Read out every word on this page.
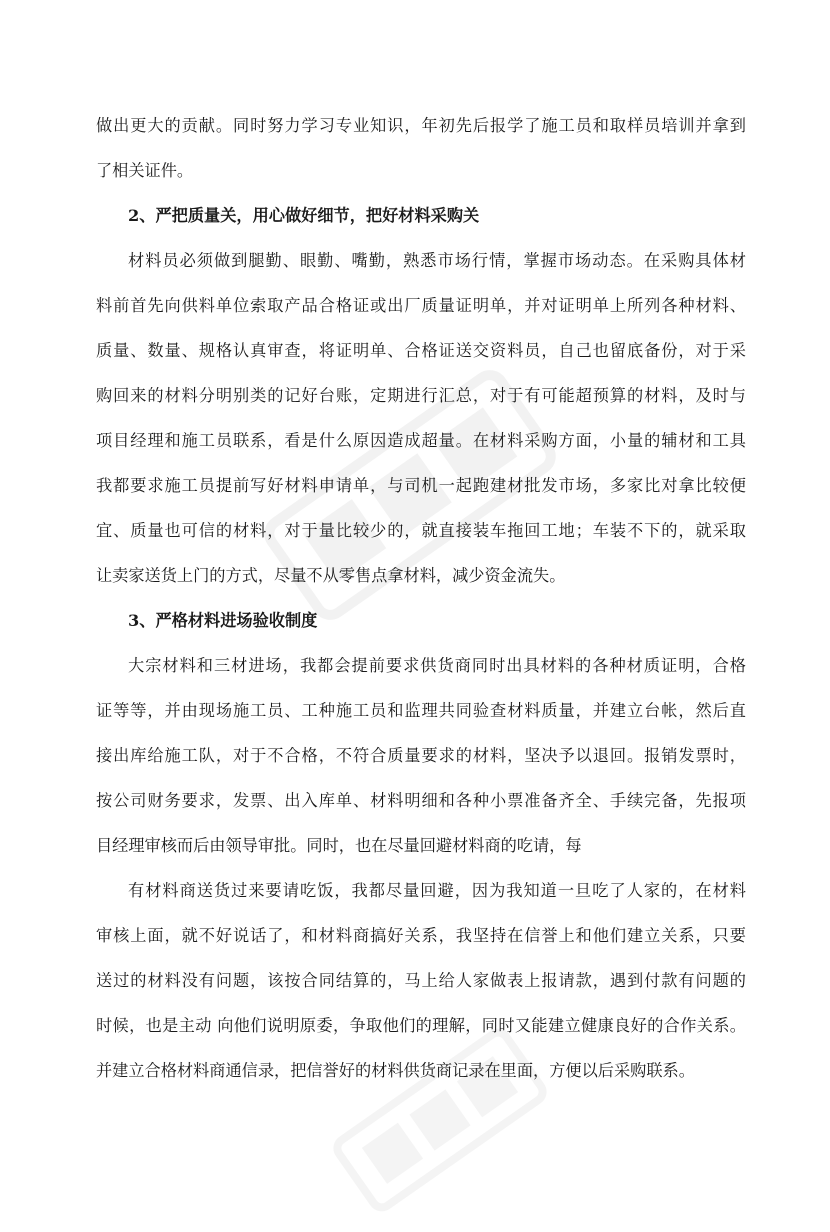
做出更大的贡献。同时努力学习专业知识，年初先后报学了施工员和取样员培训并拿到
了相关证件。
2、严把质量关，用心做好细节，把好材料采购关
材料员必须做到腿勤、眼勤、嘴勤，熟悉市场行情，掌握市场动态。在采购具体材
料前首先向供料单位索取产品合格证或出厂质量证明单，并对证明单上所列各种材料、
质量、数量、规格认真审查，将证明单、合格证送交资料员，自己也留底备份，对于采
购回来的材料分明别类的记好台账，定期进行汇总，对于有可能超预算的材料，及时与
项目经理和施工员联系，看是什么原因造成超量。在材料采购方面，小量的辅材和工具
我都要求施工员提前写好材料申请单，与司机一起跑建材批发市场，多家比对拿比较便
宜、质量也可信的材料，对于量比较少的，就直接装车拖回工地；车装不下的，就采取
让卖家送货上门的方式，尽量不从零售点拿材料，减少资金流失。
3、严格材料进场验收制度
大宗材料和三材进场，我都会提前要求供货商同时出具材料的各种材质证明，合格
证等等，并由现场施工员、工种施工员和监理共同验查材料质量，并建立台帐，然后直
接出库给施工队，对于不合格，不符合质量要求的材料，坚决予以退回。报销发票时，
按公司财务要求，发票、出入库单、材料明细和各种小票准备齐全、手续完备，先报项
目经理审核而后由领导审批。同时，也在尽量回避材料商的吃请，每
有材料商送货过来要请吃饭，我都尽量回避，因为我知道一旦吃了人家的，在材料
审核上面，就不好说话了，和材料商搞好关系，我坚持在信誉上和他们建立关系，只要
送过的材料没有问题，该按合同结算的，马上给人家做表上报请款，遇到付款有问题的
时候，也是主动 向他们说明原委，争取他们的理解，同时又能建立健康良好的合作关系。
并建立合格材料商通信录，把信誉好的材料供货商记录在里面，方便以后采购联系。
